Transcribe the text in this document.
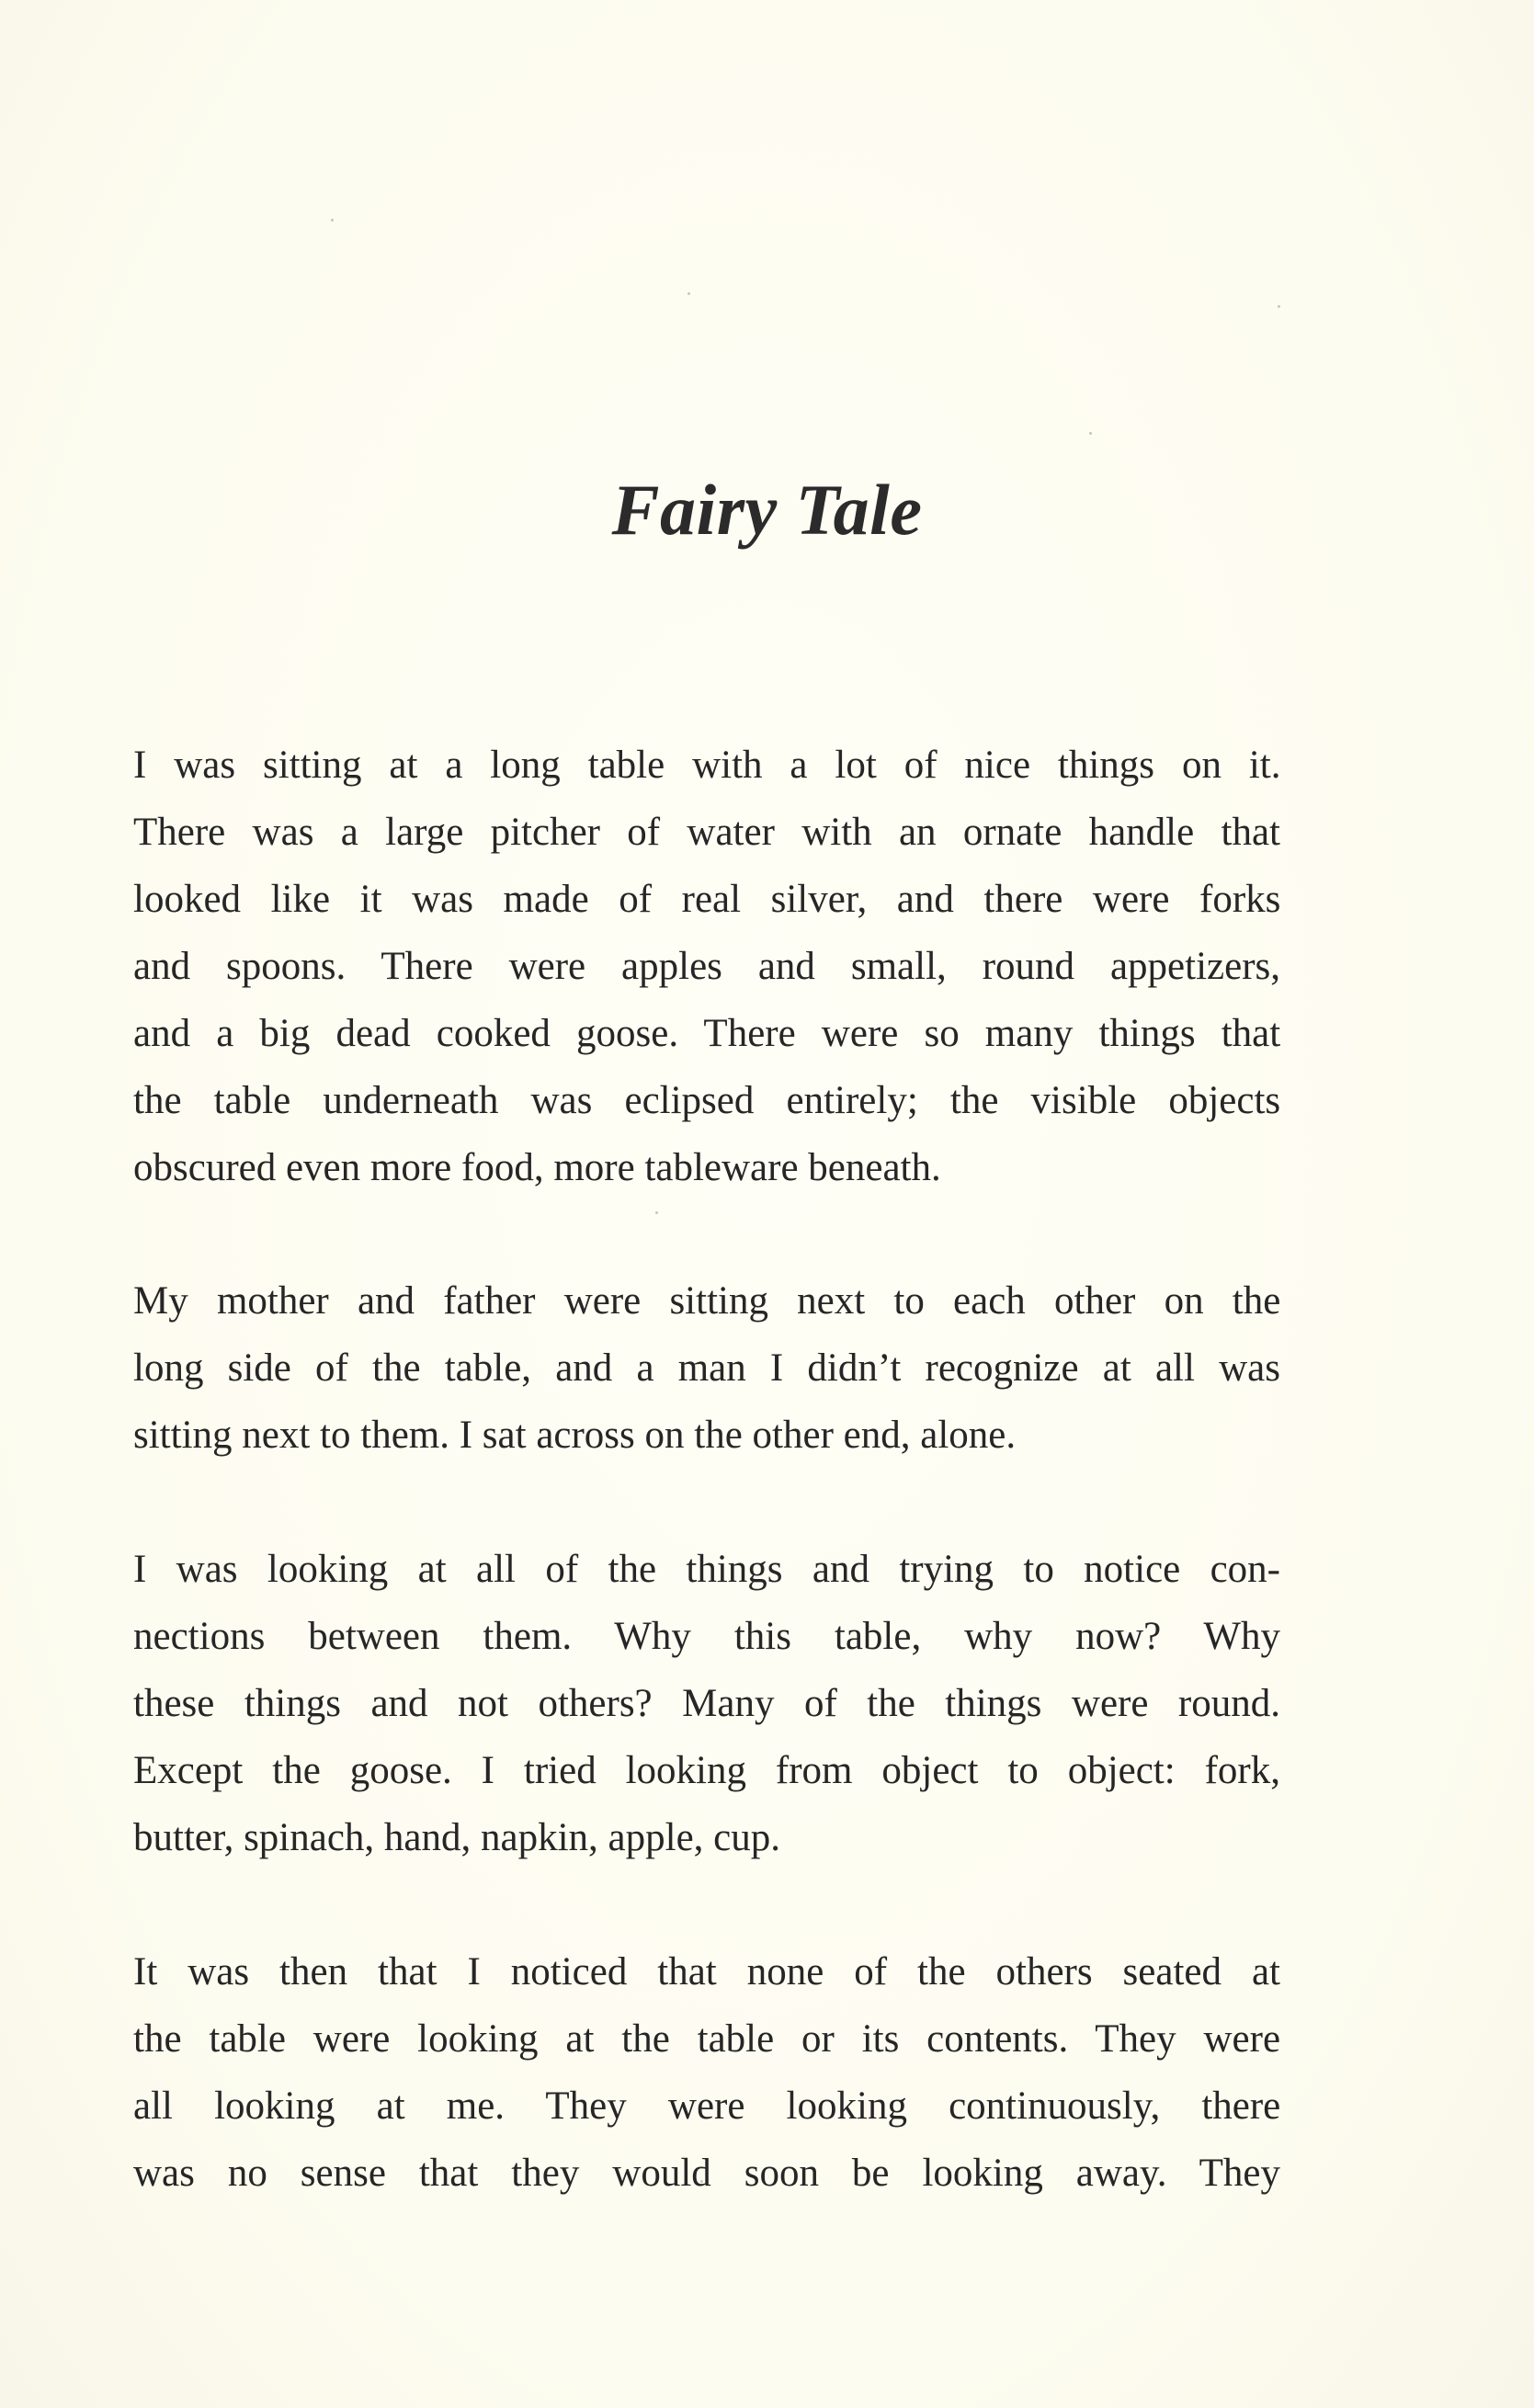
Fairy Tale
I was sitting at a long table with a lot of nice things on it.
There was a large pitcher of water with an ornate handle that
looked like it was made of real silver, and there were forks
and spoons. There were apples and small, round appetizers,
and a big dead cooked goose. There were so many things that
the table underneath was eclipsed entirely; the visible objects
obscured even more food, more tableware beneath.
My mother and father were sitting next to each other on the
long side of the table, and a man I didn’t recognize at all was
sitting next to them. I sat across on the other end, alone.
I was looking at all of the things and trying to notice con-
nections between them. Why this table, why now? Why
these things and not others? Many of the things were round.
Except the goose. I tried looking from object to object: fork,
butter, spinach, hand, napkin, apple, cup.
It was then that I noticed that none of the others seated at
the table were looking at the table or its contents. They were
all looking at me. They were looking continuously, there
was no sense that they would soon be looking away. They
